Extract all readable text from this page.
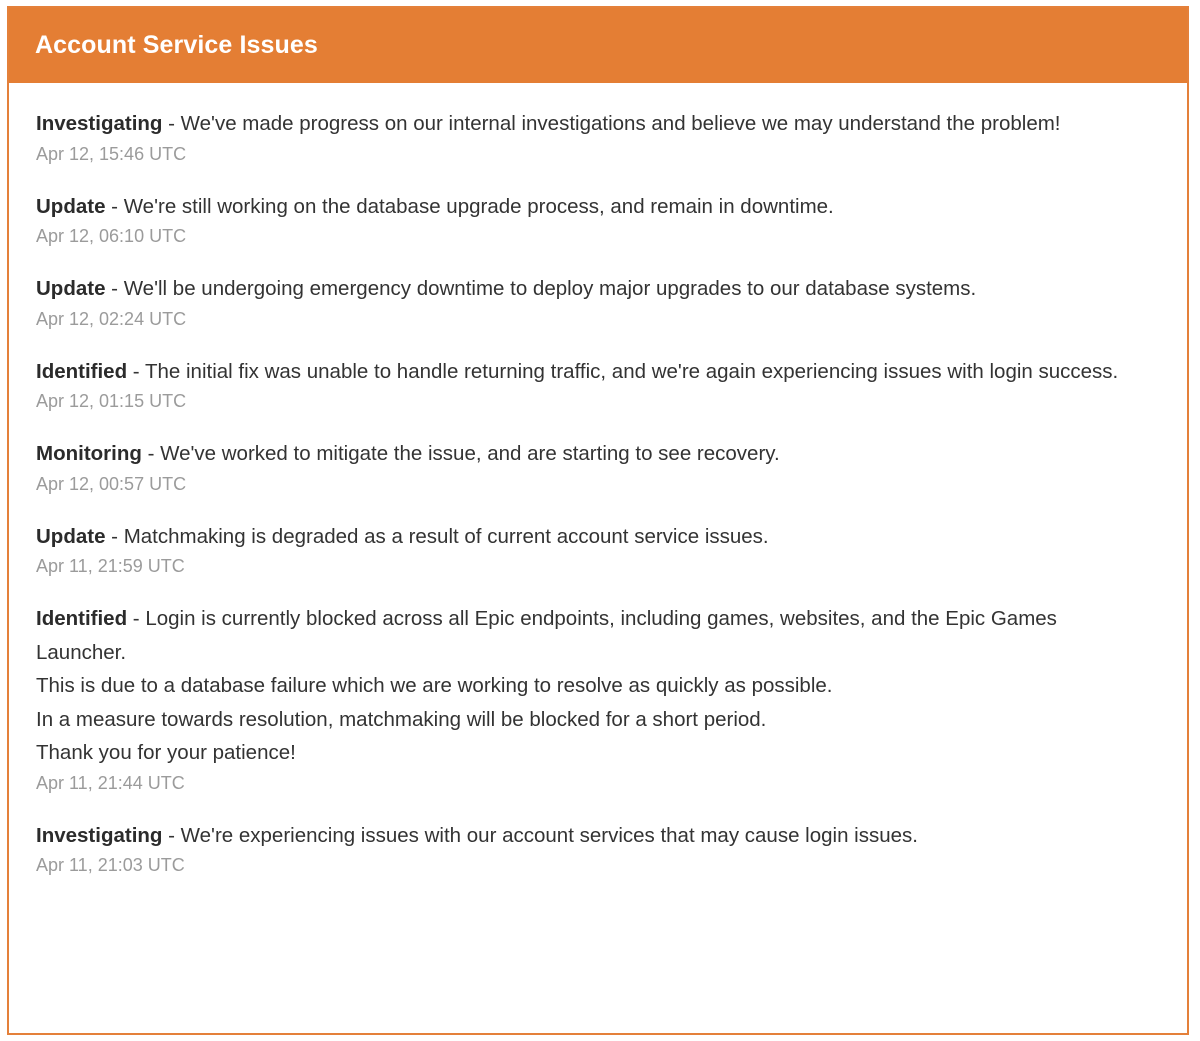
Account Service Issues
Investigating - We've made progress on our internal investigations and believe we may understand the problem!
Apr 12, 15:46 UTC
Update - We're still working on the database upgrade process, and remain in downtime.
Apr 12, 06:10 UTC
Update - We'll be undergoing emergency downtime to deploy major upgrades to our database systems.
Apr 12, 02:24 UTC
Identified - The initial fix was unable to handle returning traffic, and we're again experiencing issues with login success.
Apr 12, 01:15 UTC
Monitoring - We've worked to mitigate the issue, and are starting to see recovery.
Apr 12, 00:57 UTC
Update - Matchmaking is degraded as a result of current account service issues.
Apr 11, 21:59 UTC
Identified - Login is currently blocked across all Epic endpoints, including games, websites, and the Epic Games Launcher.
This is due to a database failure which we are working to resolve as quickly as possible.
In a measure towards resolution, matchmaking will be blocked for a short period.
Thank you for your patience!
Apr 11, 21:44 UTC
Investigating - We're experiencing issues with our account services that may cause login issues.
Apr 11, 21:03 UTC
